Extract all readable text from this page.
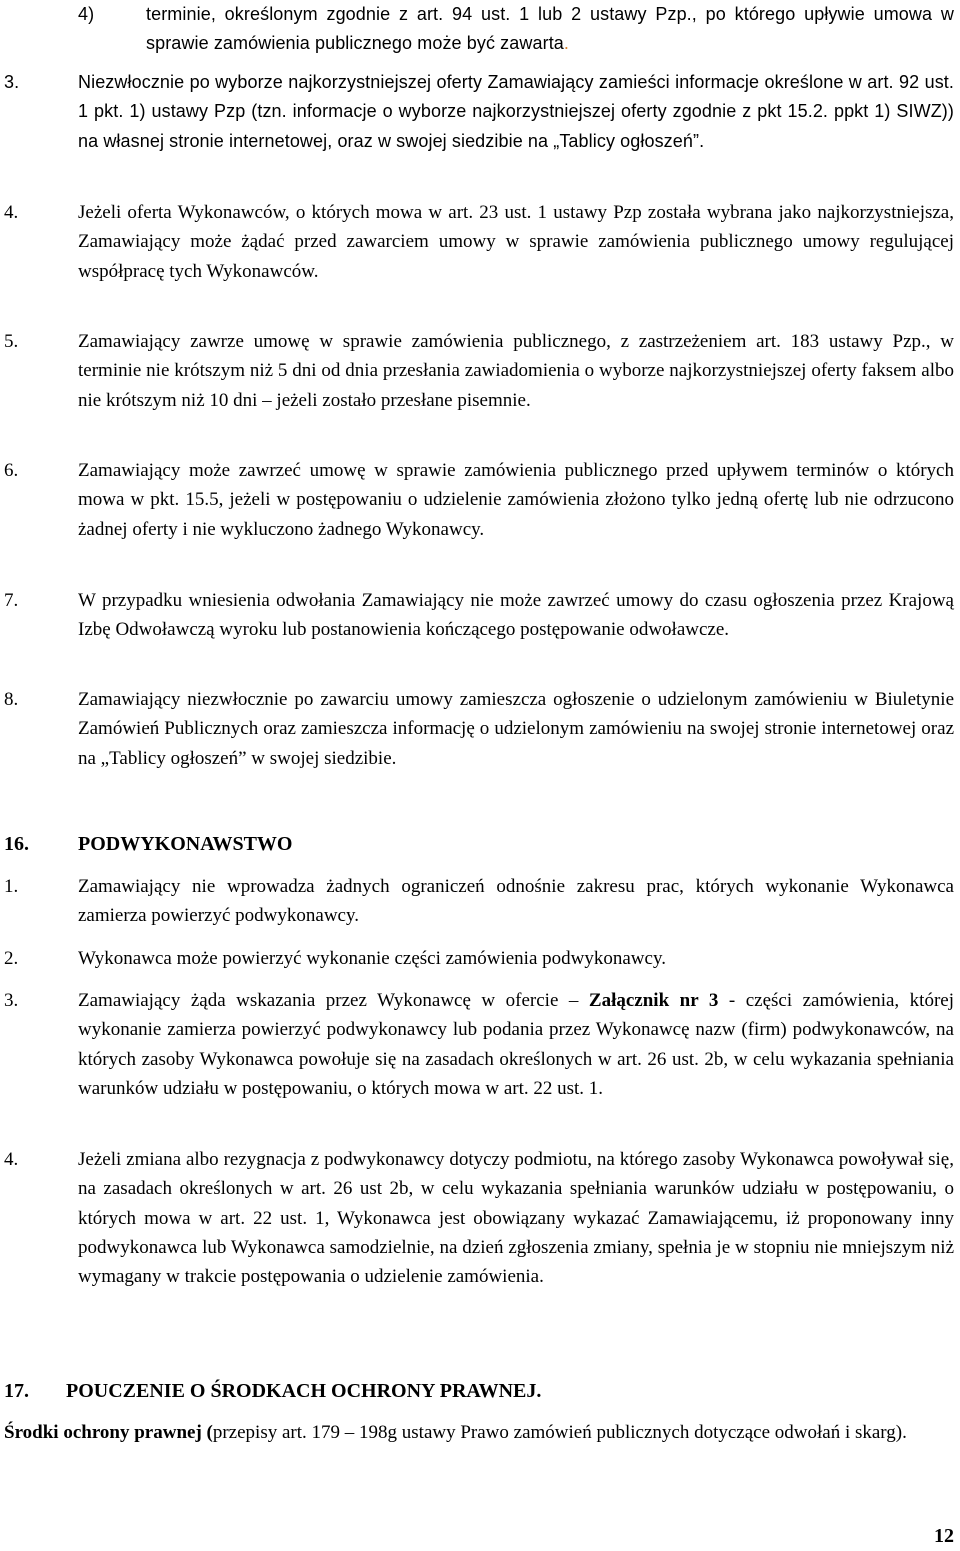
4)	terminie, określonym zgodnie z art. 94 ust. 1 lub 2 ustawy Pzp., po którego upływie umowa w sprawie zamówienia publicznego może być zawarta.
3.	Niezwłocznie po wyborze najkorzystniejszej oferty Zamawiający zamieści informacje określone w art. 92 ust. 1 pkt. 1) ustawy Pzp (tzn. informacje o wyborze najkorzystniejszej oferty zgodnie z pkt 15.2. ppkt 1) SIWZ)) na własnej stronie internetowej, oraz w swojej siedzibie na „Tablicy ogłoszeń”.
4.	Jeżeli oferta Wykonawców, o których mowa w art. 23 ust. 1 ustawy Pzp została wybrana jako najkorzystniejsza, Zamawiający może żądać przed zawarciem umowy w sprawie zamówienia publicznego umowy regulującej współpracę tych Wykonawców.
5.	Zamawiający zawrze umowę w sprawie zamówienia publicznego, z zastrzeżeniem art. 183 ustawy Pzp., w terminie nie krótszym niż 5 dni od dnia przesłania zawiadomienia o wyborze najkorzystniejszej oferty faksem albo nie krótszym niż 10 dni – jeżeli zostało przesłane pisemnie.
6.	Zamawiający może zawrzeć umowę w sprawie zamówienia publicznego przed upływem terminów o których mowa w pkt. 15.5, jeżeli w postępowaniu o udzielenie zamówienia złożono tylko jedną ofertę lub nie odrzucono żadnej oferty i nie wykluczono żadnego Wykonawcy.
7.	W przypadku wniesienia odwołania Zamawiający nie może zawrzeć umowy do czasu ogłoszenia przez Krajową Izbę Odwoławczą wyroku lub postanowienia kończącego postępowanie odwoławcze.
8.	Zamawiający niezwłocznie po zawarciu umowy zamieszcza ogłoszenie o udzielonym zamówieniu w Biuletynie Zamówień Publicznych oraz zamieszcza informację o udzielonym zamówieniu na swojej stronie internetowej oraz na „Tablicy ogłoszeń” w swojej siedzibie.
16. PODWYKONAWSTWO
1.	Zamawiający nie wprowadza żadnych ograniczeń odnośnie zakresu prac, których wykonanie Wykonawca zamierza powierzyć podwykonawcy.
2.	Wykonawca może powierzyć wykonanie części zamówienia podwykonawcy.
3.	Zamawiający żąda wskazania przez Wykonawcę w ofercie – Załącznik nr 3 - części zamówienia, której wykonanie zamierza powierzyć podwykonawcy lub podania przez Wykonawcę nazw (firm) podwykonawców, na których zasoby Wykonawca powołuje się na zasadach określonych w art. 26 ust. 2b, w celu wykazania spełniania warunków udziału w postępowaniu, o których mowa w art. 22 ust. 1.
4.	Jeżeli zmiana albo rezygnacja z podwykonawcy dotyczy podmiotu, na którego zasoby Wykonawca powoływał się, na zasadach określonych w art. 26 ust 2b, w celu wykazania spełniania warunków udziału w postępowaniu, o których mowa w art. 22 ust. 1, Wykonawca jest obowiązany wykazać Zamawiającemu, iż proponowany inny podwykonawca lub Wykonawca samodzielnie, na dzień zgłoszenia zmiany, spełnia je w stopniu nie mniejszym niż wymagany w trakcie postępowania o udzielenie zamówienia.
17. POUCZENIE O ŚRODKACH OCHRONY PRAWNEJ.
Środki ochrony prawnej (przepisy art. 179 – 198g ustawy Prawo zamówień publicznych dotyczące odwołań i skarg).
12
